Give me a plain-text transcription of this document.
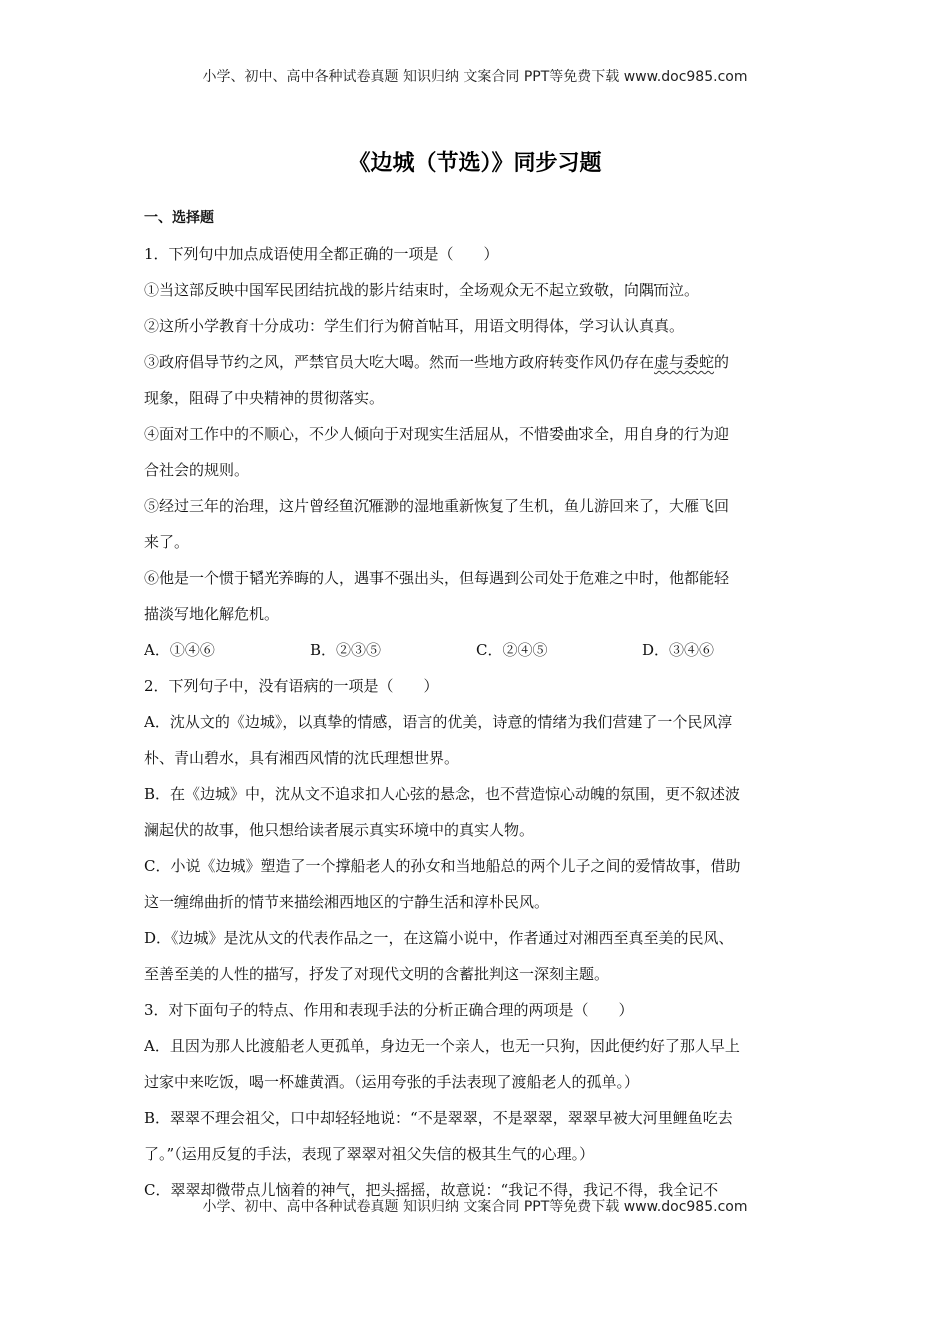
小学、初中、高中各种试卷真题 知识归纳 文案合同 PPT等免费下载 www.doc985.com
《边城（节选）》同步习题
一、选择题
1．下列句中加点成语使用全都正确的一项是（　　）
①当这部反映中国军民团结抗战的影片结束时，全场观众无不起立致敬，· · · · 向隅而泣。
②这所小学教育十分成功：学生们行为· · · · 俯首帖耳，用语文明得体，学习认认真真。
③政府倡导节约之风，严禁官员大吃大喝。然而一些地方政府转变作风仍存在虚与委蛇的
现象，阻碍了中央精神的贯彻落实。
④面对工作中的不顺心，不少人倾向于对现实生活屈从，不惜· · · · 委曲求全，用自身的行为迎
合社会的规则。
⑤经过三年的治理，这片曾经· · · · 鱼沉雁渺的湿地重新恢复了生机，鱼儿游回来了，大雁飞回
来了。
⑥他是一个惯于· · · · 韬光养晦的人，遇事不强出头，但每遇到公司处于危难之中时，他都能轻
描淡写地化解危机。
A．①④⑥	B．②③⑤	C．②④⑤	D．③④⑥
2．下列句子中，没有语病的一项是（　　）
A．沈从文的《边城》，以真挚的情感，语言的优美，诗意的情绪为我们营建了一个民风淳
朴、青山碧水，具有湘西风情的沈氏理想世界。
B．在《边城》中，沈从文不追求扣人心弦的悬念，也不营造惊心动魄的氛围，更不叙述波
澜起伏的故事，他只想给读者展示真实环境中的真实人物。
C．小说《边城》塑造了一个撑船老人的孙女和当地船总的两个儿子之间的爱情故事，借助
这一缠绵曲折的情节来描绘湘西地区的宁静生活和淳朴民风。
D．《边城》是沈从文的代表作品之一，在这篇小说中，作者通过对湘西至真至美的民风、
至善至美的人性的描写，抒发了对现代文明的含蓄批判这一深刻主题。
3．对下面句子的特点、作用和表现手法的分析正确合理的两项是（　　）
A．且因为那人比渡船老人更孤单，身边无一个亲人，也无一只狗，因此便约好了那人早上
过家中来吃饭，喝一杯雄黄酒。（运用夸张的手法表现了渡船老人的孤单。）
B．翠翠不理会祖父，口中却轻轻地说：“不是翠翠，不是翠翠，翠翠早被大河里鲤鱼吃去
了。”（运用反复的手法，表现了翠翠对祖父失信的极其生气的心理。）
C．翠翠却微带点儿恼着的神气，把头摇摇，故意说：“我记不得，我记不得，我全记不
小学、初中、高中各种试卷真题 知识归纳 文案合同 PPT等免费下载 www.doc985.com
